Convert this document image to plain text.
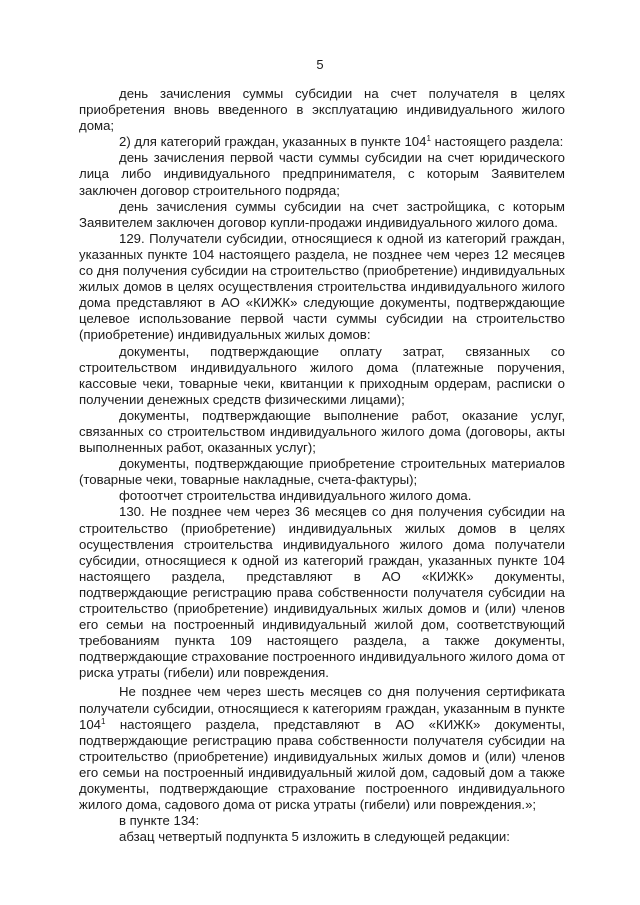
5

день зачисления суммы субсидии на счет получателя в целях приобретения вновь введенного в эксплуатацию индивидуального жилого дома;

2) для категорий граждан, указанных в пункте $104^1$ настоящего раздела:

день зачисления первой части суммы субсидии на счет юридического лица либо индивидуального предпринимателя, с которым Заявителем заключен договор строительного подряда;

день зачисления суммы субсидии на счет застройщика, с которым Заявителем заключен договор купли-продажи индивидуального жилого дома.

129. Получатели субсидии, относящиеся к одной из категорий граждан, указанных пункте 104 настоящего раздела, не позднее чем через 12 месяцев со дня получения субсидии на строительство (приобретение) индивидуальных жилых домов в целях осуществления строительства индивидуального жилого дома представляют в АО «КИЖК» следующие документы, подтверждающие целевое использование первой части суммы субсидии на строительство (приобретение) индивидуальных жилых домов:

документы, подтверждающие оплату затрат, связанных со строительством индивидуального жилого дома (платежные поручения, кассовые чеки, товарные чеки, квитанции к приходным ордерам, расписки о получении денежных средств физическими лицами);

документы, подтверждающие выполнение работ, оказание услуг, связанных со строительством индивидуального жилого дома (договоры, акты выполненных работ, оказанных услуг);

документы, подтверждающие приобретение строительных материалов (товарные чеки, товарные накладные, счета-фактуры);

фотоотчет строительства индивидуального жилого дома.

130. Не позднее чем через 36 месяцев со дня получения субсидии на строительство (приобретение) индивидуальных жилых домов в целях осуществления строительства индивидуального жилого дома получатели субсидии, относящиеся к одной из категорий граждан, указанных пункте 104 настоящего раздела, представляют в АО «КИЖК» документы, подтверждающие регистрацию права собственности получателя субсидии на строительство (приобретение) индивидуальных жилых домов и (или) членов его семьи на построенный индивидуальный жилой дом, соответствующий требованиям пункта 109 настоящего раздела, а также документы, подтверждающие страхование построенного индивидуального жилого дома от риска утраты (гибели) или повреждения.

Не позднее чем через шесть месяцев со дня получения сертификата получатели субсидии, относящиеся к категориям граждан, указанным в пункте $104^1$ настоящего раздела, представляют в АО «КИЖК» документы, подтверждающие регистрацию права собственности получателя субсидии на строительство (приобретение) индивидуальных жилых домов и (или) членов его семьи на построенный индивидуальный жилой дом, садовый дом а также документы, подтверждающие страхование построенного индивидуального жилого дома, садового дома от риска утраты (гибели) или повреждения.»;

в пункте 134:

абзац четвертый подпункта 5 изложить в следующей редакции:
